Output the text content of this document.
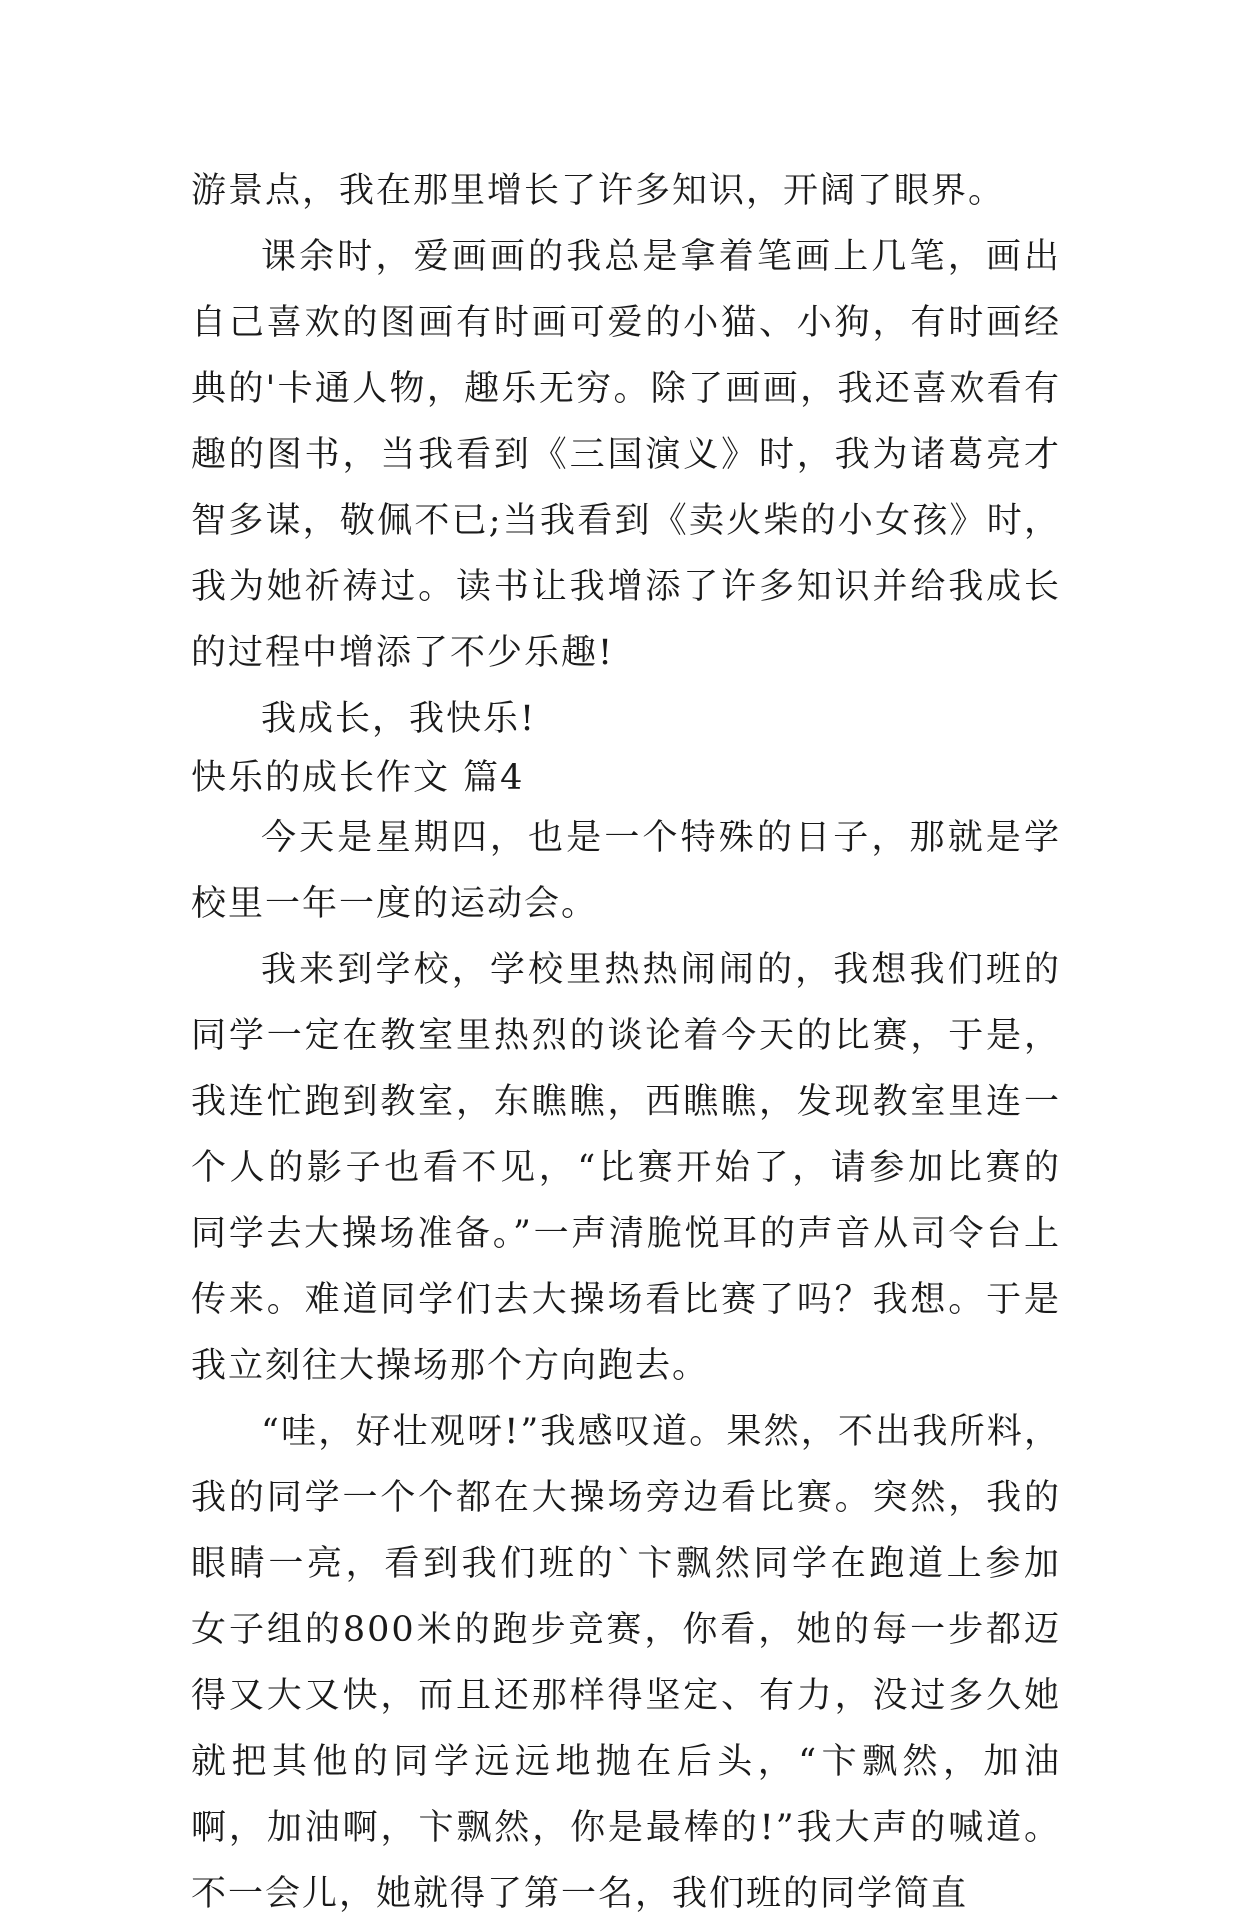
游景点，我在那里增长了许多知识，开阔了眼界。

课余时，爱画画的我总是拿着笔画上几笔，画出自己喜欢的图画有时画可爱的小猫、小狗，有时画经典的'卡通人物，趣乐无穷。除了画画，我还喜欢看有趣的图书，当我看到《三国演义》时，我为诸葛亮才智多谋，敬佩不已;当我看到《卖火柴的小女孩》时，我为她祈祷过。读书让我增添了许多知识并给我成长的过程中增添了不少乐趣!

我成长，我快乐!

快乐的成长作文 篇4

今天是星期四，也是一个特殊的日子，那就是学校里一年一度的运动会。

我来到学校，学校里热热闹闹的，我想我们班的同学一定在教室里热烈的谈论着今天的比赛，于是，我连忙跑到教室，东瞧瞧，西瞧瞧，发现教室里连一个人的影子也看不见，“比赛开始了，请参加比赛的同学去大操场准备。”一声清脆悦耳的声音从司令台上传来。难道同学们去大操场看比赛了吗？我想。于是我立刻往大操场那个方向跑去。

“哇，好壮观呀!”我感叹道。果然，不出我所料，我的同学一个个都在大操场旁边看比赛。突然，我的眼睛一亮，看到我们班的`卞飘然同学在跑道上参加女子组的800米的跑步竞赛，你看，她的每一步都迈得又大又快，而且还那样得坚定、有力，没过多久她就把其他的同学远远地抛在后头，“卞飘然，加油啊，加油啊，卞飘然，你是最棒的!”我大声的喊道。不一会儿，她就得了第一名，我们班的同学简直
